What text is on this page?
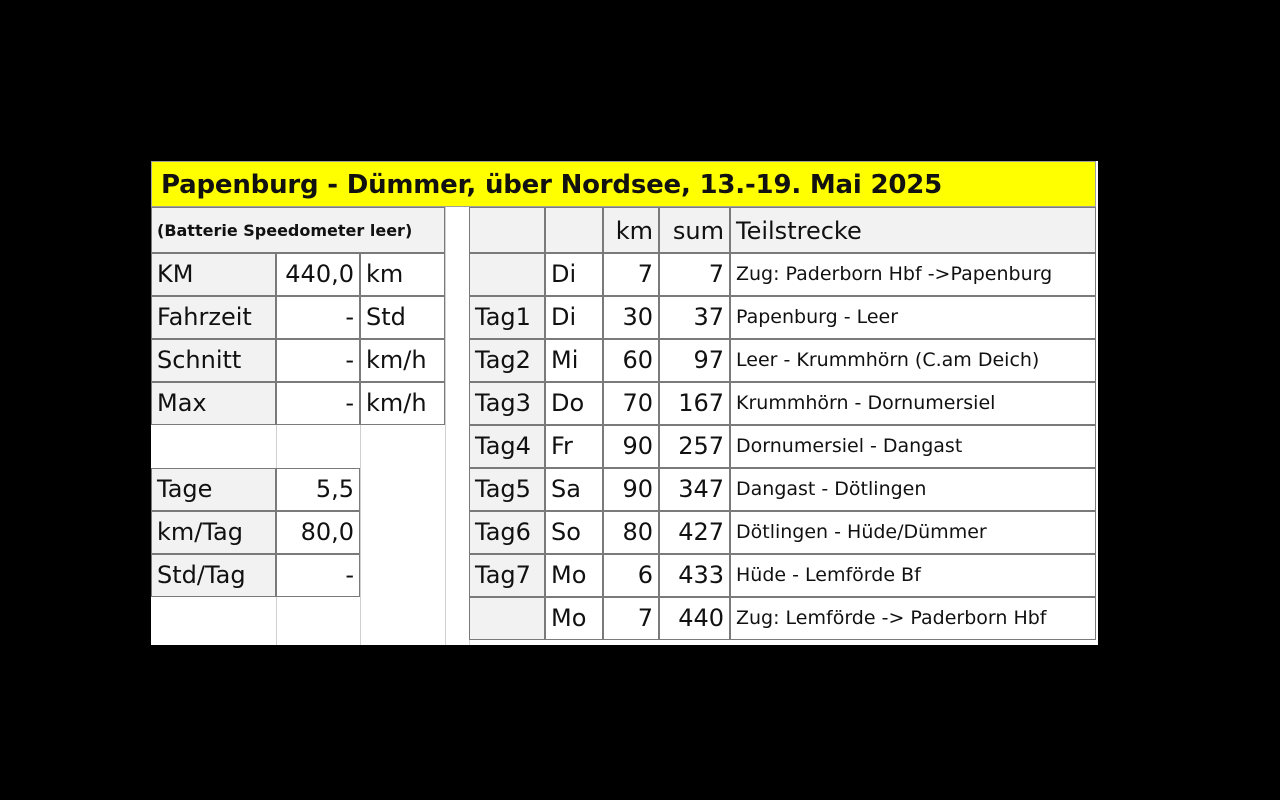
Papenburg - Dümmer, über Nordsee, 13.-19. Mai 2025
(Batterie Speedometer leer)	km sum Teilstrecke
KM	440,0 km
Fahrzeit	- Std
Schnitt	- km/h
Max	- km/h
Tage	5,5
km/Tag	80,0
Std/Tag	-
Di	7	7 Zug: Paderborn Hbf ->Papenburg
Tag1 Di	30	37 Papenburg - Leer
Tag2 Mi	60	97 Leer - Krummhörn (C.am Deich)
Tag3 Do	70	167 Krummhörn - Dornumersiel
Tag4 Fr	90	257 Dornumersiel - Dangast
Tag5 Sa	90	347 Dangast - Dötlingen
Tag6 So	80	427 Dötlingen - Hüde/Dümmer
Tag7 Mo	6	433 Hüde - Lemförde Bf
Mo	7	440 Zug: Lemförde -> Paderborn Hbf
